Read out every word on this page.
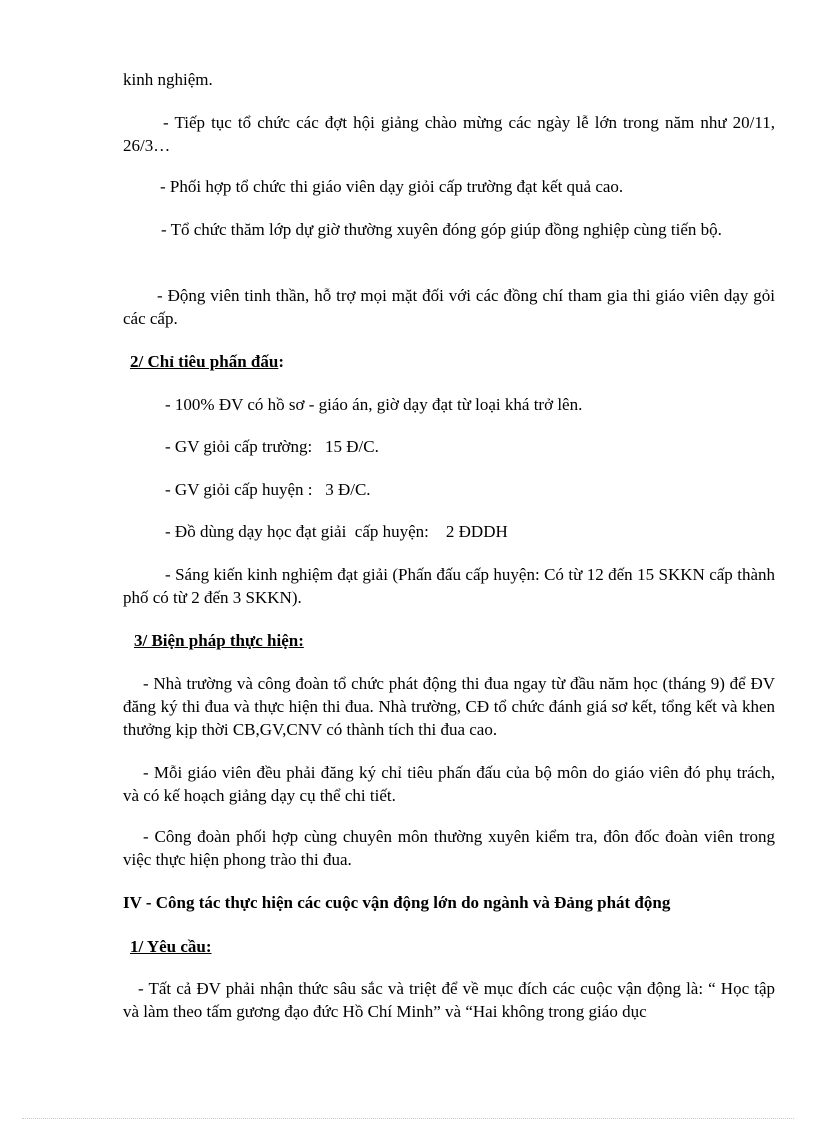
kinh nghiệm.

- Tiếp tục tổ chức các đợt hội giảng chào mừng các ngày lễ lớn trong năm như 20/11, 26/3…

- Phối hợp tổ chức thi giáo viên dạy giỏi cấp trường đạt kết quả cao.

- Tổ chức thăm lớp dự giờ thường xuyên đóng góp giúp đồng nghiệp cùng tiến bộ.

- Động viên tinh thần, hỗ trợ mọi mặt đối với các đồng chí tham gia thi giáo viên dạy gỏi các cấp.

2/ Chỉ tiêu phấn đấu:

- 100% ĐV có hồ sơ - giáo án, giờ dạy đạt từ loại khá trở lên.

- GV giỏi cấp trường:   15 Đ/C.

- GV giỏi cấp huyện :   3 Đ/C.

- Đồ dùng dạy học đạt giải  cấp huyện:    2 ĐDDH

- Sáng kiến kinh nghiệm đạt giải (Phấn đấu cấp huyện: Có từ 12 đến 15 SKKN cấp thành phố có từ 2 đến 3 SKKN).

3/ Biện pháp thực hiện:

- Nhà trường và công đoàn tổ chức phát động thi đua ngay từ đầu năm học (tháng 9) để ĐV đăng ký thi đua và thực hiện thi đua. Nhà trường, CĐ tổ chức đánh giá sơ kết, tổng kết và khen thưởng kịp thời CB,GV,CNV có thành tích thi đua cao.

- Mỗi giáo viên đều phải đăng ký chỉ tiêu phấn đấu của bộ môn do giáo viên đó phụ trách, và có kế hoạch giảng dạy cụ thể chi tiết.

- Công đoàn phối hợp cùng chuyên môn thường xuyên kiểm tra, đôn đốc đoàn viên trong việc thực hiện phong trào thi đua.

IV - Công tác thực hiện các cuộc vận động lớn do ngành và Đảng phát động

1/ Yêu cầu:

- Tất cả ĐV phải nhận thức sâu sắc và triệt để về mục đích các cuộc vận động là: “ Học tập và làm theo tấm gương đạo đức Hồ Chí Minh” và “Hai không trong giáo dục
